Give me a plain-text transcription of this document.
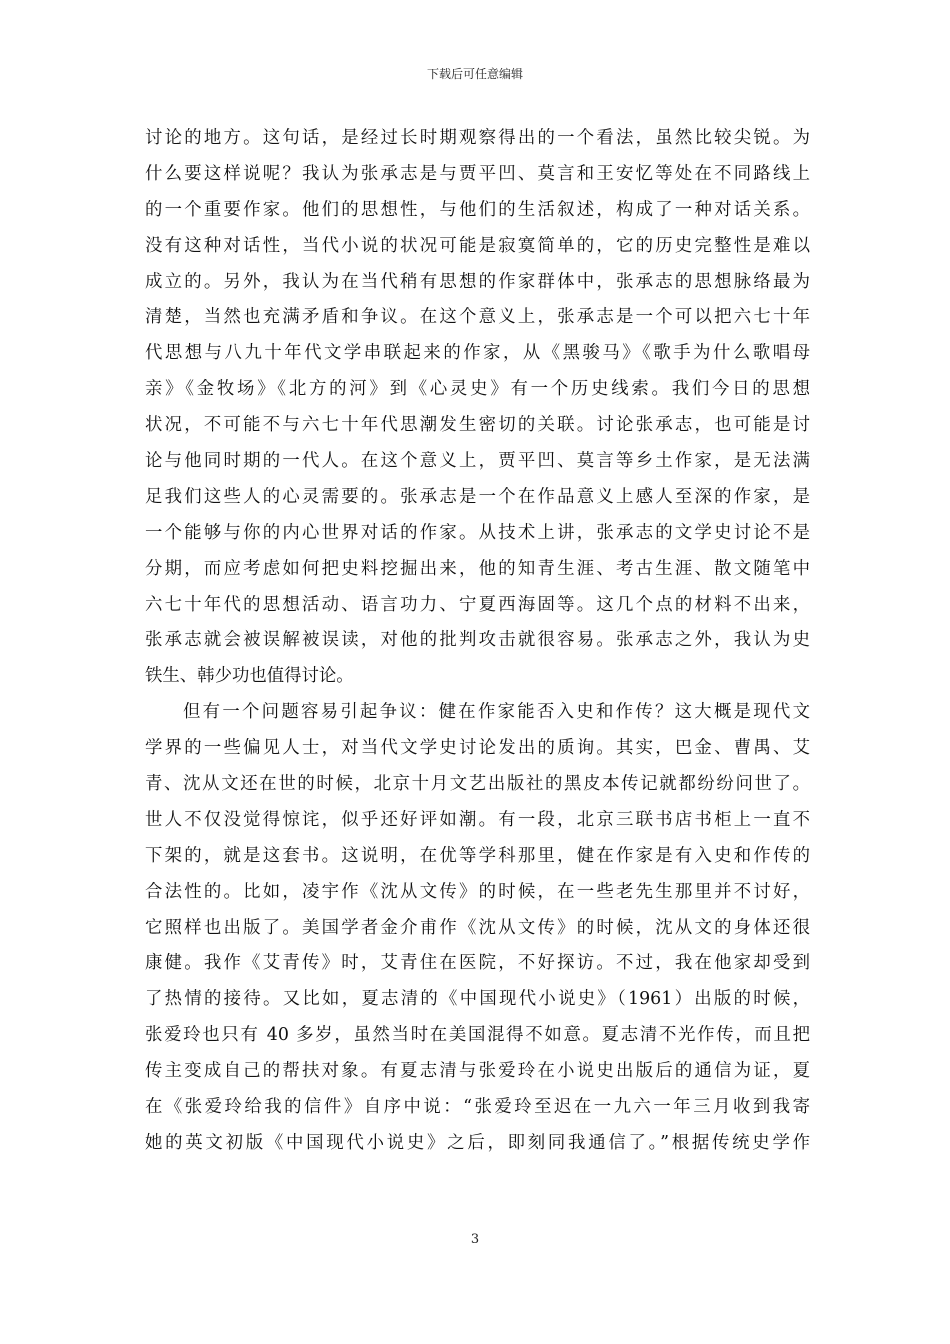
下载后可任意编辑
讨论的地方。这句话，是经过长时期观察得出的一个看法，虽然比较尖锐。为
什么要这样说呢？我认为张承志是与贾平凹、莫言和王安忆等处在不同路线上
的一个重要作家。他们的思想性，与他们的生活叙述，构成了一种对话关系。
没有这种对话性，当代小说的状况可能是寂寞简单的，它的历史完整性是难以
成立的。另外，我认为在当代稍有思想的作家群体中，张承志的思想脉络最为
清楚，当然也充满矛盾和争议。在这个意义上，张承志是一个可以把六七十年
代思想与八九十年代文学串联起来的作家，从《黑骏马》《歌手为什么歌唱母
亲》《金牧场》《北方的河》到《心灵史》有一个历史线索。我们今日的思想
状况，不可能不与六七十年代思潮发生密切的关联。讨论张承志，也可能是讨
论与他同时期的一代人。在这个意义上，贾平凹、莫言等乡土作家，是无法满
足我们这些人的心灵需要的。张承志是一个在作品意义上感人至深的作家，是
一个能够与你的内心世界对话的作家。从技术上讲，张承志的文学史讨论不是
分期，而应考虑如何把史料挖掘出来，他的知青生涯、考古生涯、散文随笔中
六七十年代的思想活动、语言功力、宁夏西海固等。这几个点的材料不出来，
张承志就会被误解被误读，对他的批判攻击就很容易。张承志之外，我认为史
铁生、韩少功也值得讨论。
但有一个问题容易引起争议：健在作家能否入史和作传？这大概是现代文
学界的一些偏见人士，对当代文学史讨论发出的质询。其实，巴金、曹禺、艾
青、沈从文还在世的时候，北京十月文艺出版社的黑皮本传记就都纷纷问世了。
世人不仅没觉得惊诧，似乎还好评如潮。有一段，北京三联书店书柜上一直不
下架的，就是这套书。这说明，在优等学科那里，健在作家是有入史和作传的
合法性的。比如，凌宇作《沈从文传》的时候，在一些老先生那里并不讨好，
它照样也出版了。美国学者金介甫作《沈从文传》的时候，沈从文的身体还很
康健。我作《艾青传》时，艾青住在医院，不好探访。不过，我在他家却受到
了热情的接待。又比如，夏志清的《中国现代小说史》（1961）出版的时候，
张爱玲也只有 40 多岁，虽然当时在美国混得不如意。夏志清不光作传，而且把
传主变成自己的帮扶对象。有夏志清与张爱玲在小说史出版后的通信为证，夏
在《张爱玲给我的信件》自序中说：“张爱玲至迟在一九六一年三月收到我寄
她的英文初版《中国现代小说史》之后，即刻同我通信了。”根据传统史学作
3
